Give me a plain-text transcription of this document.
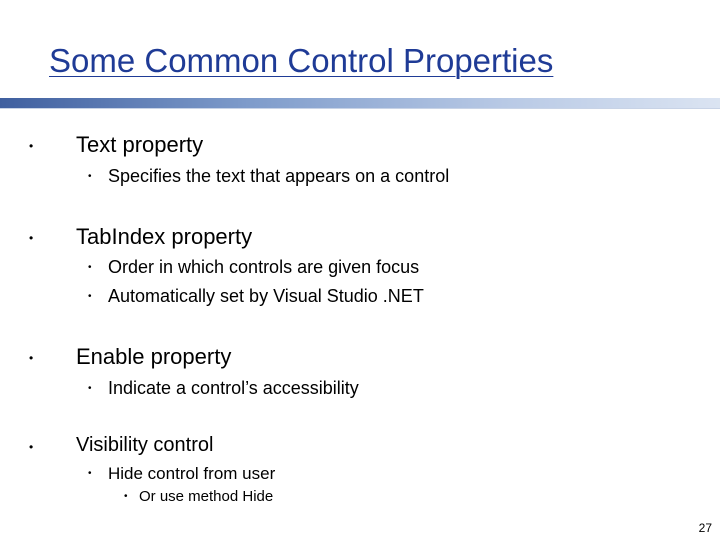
Some Common Control Properties
• Text property
• Specifies the text that appears on a control
• TabIndex property
• Order in which controls are given focus
• Automatically set by Visual Studio .NET
• Enable property
• Indicate a control’s accessibility
• Visibility control
• Hide control from user
• Or use method Hide
27
